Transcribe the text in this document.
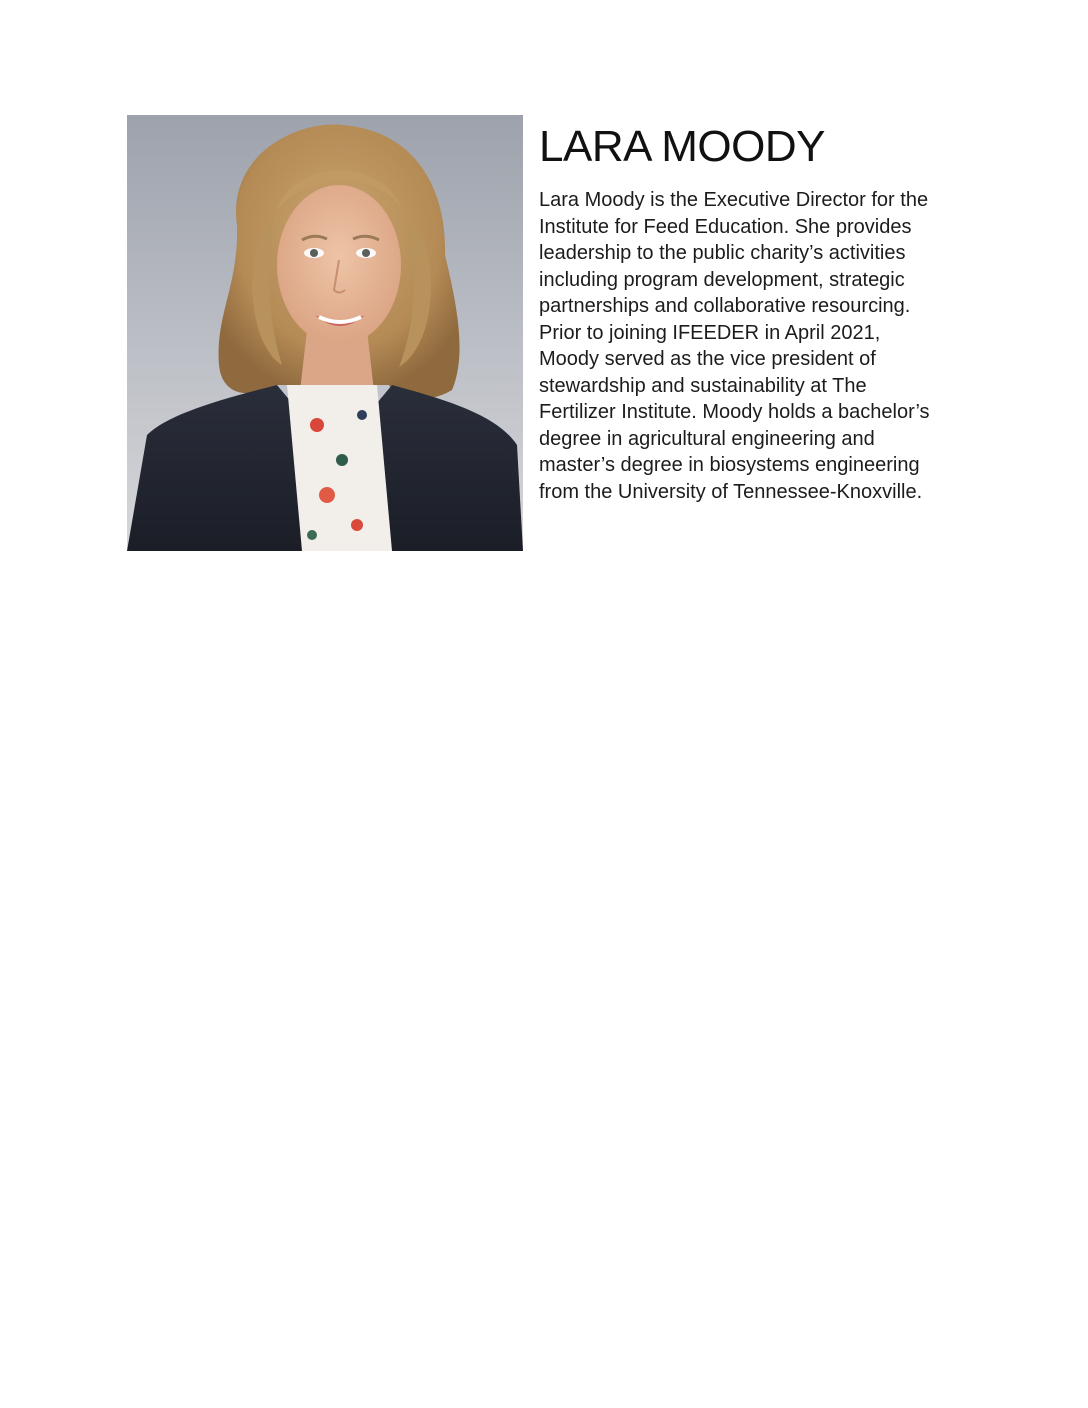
LARA MOODY

Lara Moody is the Executive Director for the
Institute for Feed Education. She provides
leadership to the public charity’s activities
including program development, strategic
partnerships and collaborative resourcing.
Prior to joining IFEEDER in April 2021,
Moody served as the vice president of
stewardship and sustainability at The
Fertilizer Institute. Moody holds a bachelor’s
degree in agricultural engineering and
master’s degree in biosystems engineering
from the University of Tennessee-Knoxville.
